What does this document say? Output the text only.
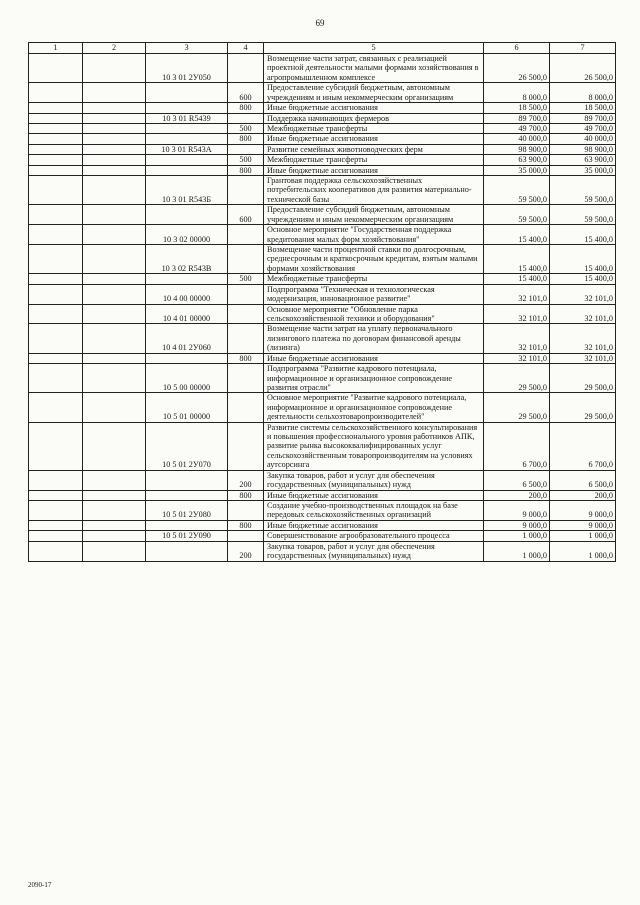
69
1	2	3	4	5	6	7
		10 3 01 2У050		Возмещение части затрат, связанных с реализацией проектной деятельности малыми формами хозяйствования в агропромышленном комплексе	26 500,0	26 500,0
			600	Предоставление субсидий бюджетным, автономным учреждениям и иным некоммерческим организациям	8 000,0	8 000,0
			800	Иные бюджетные ассигнования	18 500,0	18 500,0
		10 3 01 R5439		Поддержка начинающих фермеров	89 700,0	89 700,0
			500	Межбюджетные трансферты	49 700,0	49 700,0
			800	Иные бюджетные ассигнования	40 000,0	40 000,0
		10 3 01 R543А		Развитие семейных животноводческих ферм	98 900,0	98 900,0
			500	Межбюджетные трансферты	63 900,0	63 900,0
			800	Иные бюджетные ассигнования	35 000,0	35 000,0
		10 3 01 R543Б		Грантовая поддержка сельскохозяйственных потребительских кооперативов для развития материально-технической базы	59 500,0	59 500,0
			600	Предоставление субсидий бюджетным, автономным учреждениям и иным некоммерческим организациям	59 500,0	59 500,0
		10 3 02 00000		Основное мероприятие "Государственная поддержка кредитования малых форм хозяйствования"	15 400,0	15 400,0
		10 3 02 R543В		Возмещение части процентной ставки по долгосрочным, среднесрочным и краткосрочным кредитам, взятым малыми формами хозяйствования	15 400,0	15 400,0
			500	Межбюджетные трансферты	15 400,0	15 400,0
		10 4 00 00000		Подпрограмма "Техническая и технологическая модернизация, инновационное развитие"	32 101,0	32 101,0
		10 4 01 00000		Основное мероприятие "Обновление парка сельскохозяйственной техники и оборудования"	32 101,0	32 101,0
		10 4 01 2У060		Возмещение части затрат на уплату первоначального лизингового платежа по договорам финансовой аренды (лизинга)	32 101,0	32 101,0
			800	Иные бюджетные ассигнования	32 101,0	32 101,0
		10 5 00 00000		Подпрограмма "Развитие кадрового потенциала, информационное и организационное сопровождение развития отрасли"	29 500,0	29 500,0
		10 5 01 00000		Основное мероприятие "Развитие кадрового потенциала, информационное и организационное сопровождение деятельности сельхозтоваропроизводителей"	29 500,0	29 500,0
		10 5 01 2У070		Развитие системы сельскохозяйственного консультирования и повышения профессионального уровня работников АПК, развитие рынка высококвалифицированных услуг сельскохозяйственным товаропроизводителям на условиях аутсорсинга	6 700,0	6 700,0
			200	Закупка товаров, работ и услуг для обеспечения государственных (муниципальных) нужд	6 500,0	6 500,0
			800	Иные бюджетные ассигнования	200,0	200,0
		10 5 01 2У080		Создание учебно-производственных площадок на базе передовых сельскохозяйственных организаций	9 000,0	9 000,0
			800	Иные бюджетные ассигнования	9 000,0	9 000,0
		10 5 01 2У090		Совершенствование агрообразовательного процесса	1 000,0	1 000,0
			200	Закупка товаров, работ и услуг для обеспечения государственных (муниципальных) нужд	1 000,0	1 000,0
2090-17
